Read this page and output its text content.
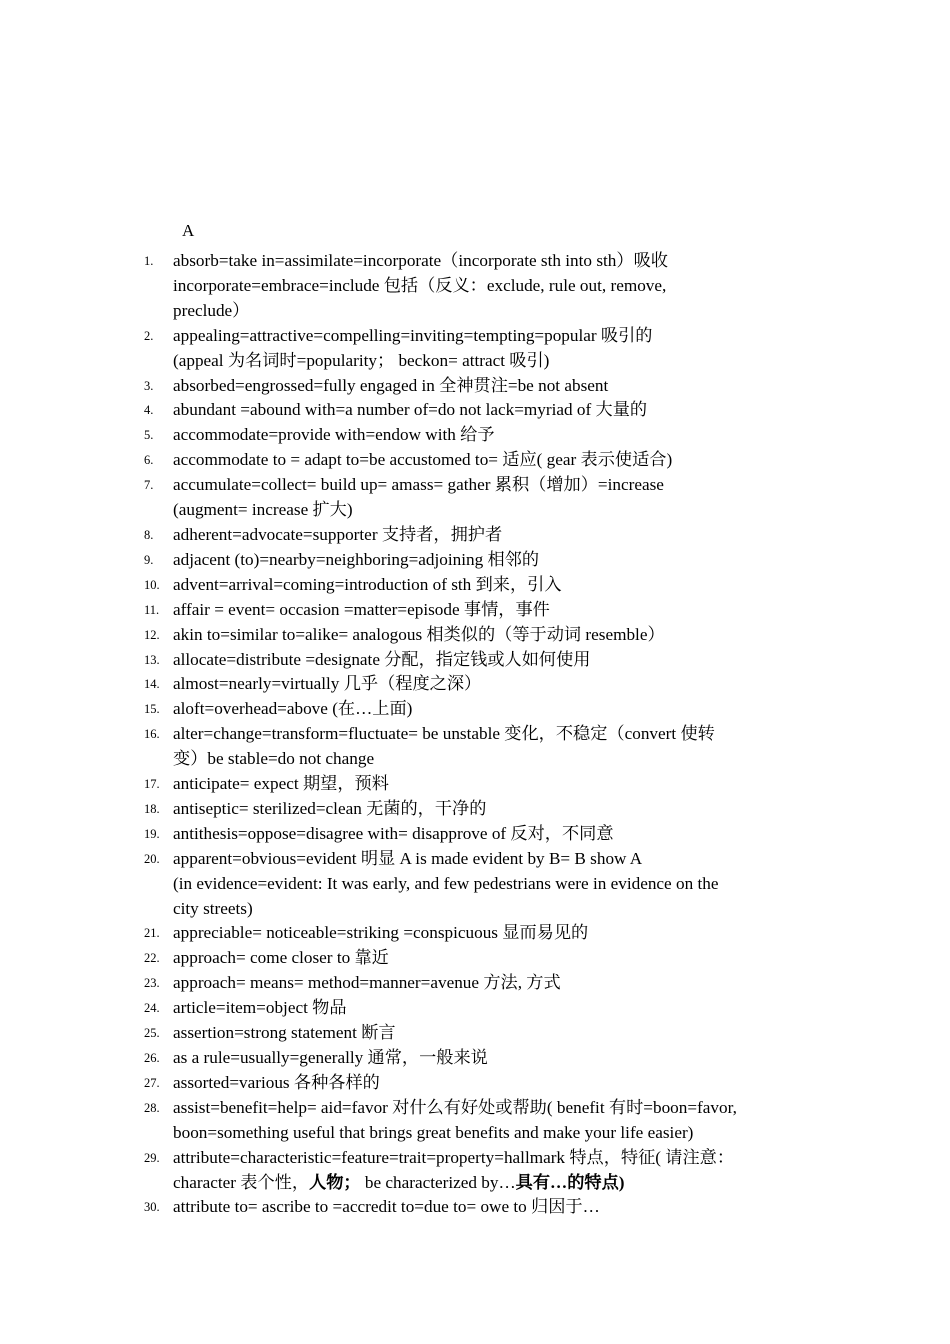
A
1.	absorb=take in=assimilate=incorporate（incorporate sth into sth）吸收
incorporate=embrace=include 包括（反义：exclude, rule out, remove,
preclude）
2.	appealing=attractive=compelling=inviting=tempting=popular 吸引的
(appeal 为名词时=popularity； beckon= attract 吸引)
3.	absorbed=engrossed=fully engaged in 全神贯注=be not absent
4.	abundant =abound with=a number of=do not lack=myriad of 大量的
5.	accommodate=provide with=endow with 给予
6.	accommodate to = adapt to=be accustomed to= 适应( gear 表示使适合)
7.	accumulate=collect= build up= amass= gather 累积（增加）=increase
(augment= increase 扩大)
8.	adherent=advocate=supporter 支持者，拥护者
9.	adjacent (to)=nearby=neighboring=adjoining 相邻的
10. advent=arrival=coming=introduction of sth 到来，引入
11. affair = event= occasion =matter=episode 事情，事件
12. akin to=similar to=alike= analogous 相类似的（等于动词 resemble）
13. allocate=distribute =designate 分配，指定钱或人如何使用
14. almost=nearly=virtually 几乎（程度之深）
15. aloft=overhead=above (在…上面)
16. alter=change=transform=fluctuate= be unstable 变化，不稳定（convert 使转
变）be stable=do not change
17. anticipate= expect 期望，预料
18. antiseptic= sterilized=clean 无菌的，干净的
19. antithesis=oppose=disagree with= disapprove of 反对，不同意
20. apparent=obvious=evident 明显 A is made evident by B= B show A
(in evidence=evident: It was early, and few pedestrians were in evidence on the
city streets)
21. appreciable= noticeable=striking =conspicuous 显而易见的
22. approach= come closer to 靠近
23. approach= means= method=manner=avenue 方法, 方式
24. article=item=object 物品
25. assertion=strong statement 断言
26. as a rule=usually=generally 通常，一般来说
27. assorted=various 各种各样的
28. assist=benefit=help= aid=favor 对什么有好处或帮助( benefit 有时=boon=favor,
boon=something useful that brings great benefits and make your life easier)
29. attribute=characteristic=feature=trait=property=hallmark 特点，特征( 请注意：
character 表个性，人物； be characterized by…具有…的特点)
30. attribute to= ascribe to =accredit to=due to= owe to 归因于…
